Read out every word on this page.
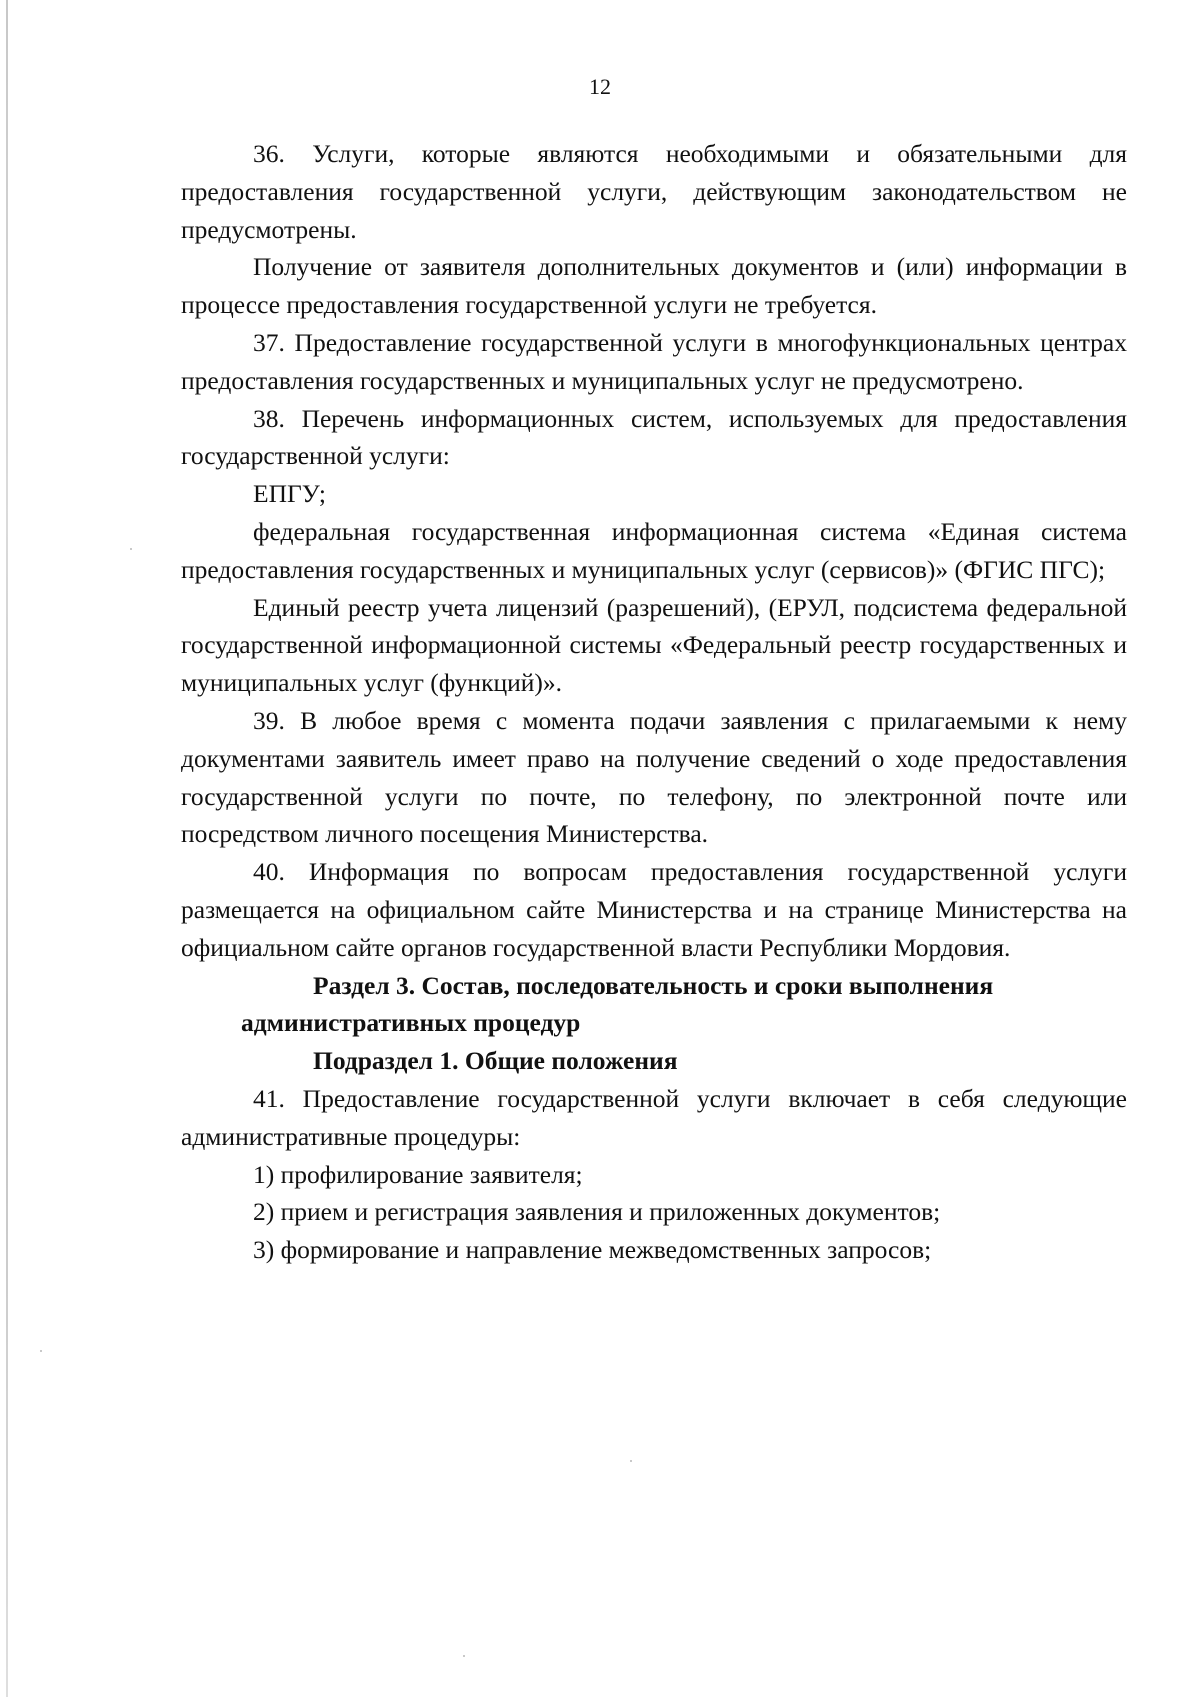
12

36. Услуги, которые являются необходимыми и обязательными для предоставления государственной услуги, действующим законодательством не предусмотрены.

Получение от заявителя дополнительных документов и (или) информации в процессе предоставления государственной услуги не требуется.

37. Предоставление государственной услуги в многофункциональных центрах предоставления государственных и муниципальных услуг не предусмотрено.

38. Перечень информационных систем, используемых для предоставления государственной услуги:

ЕПГУ;

федеральная государственная информационная система «Единая система предоставления государственных и муниципальных услуг (сервисов)» (ФГИС ПГС);

Единый реестр учета лицензий (разрешений), (ЕРУЛ, подсистема федеральной государственной информационной системы «Федеральный реестр государственных и муниципальных услуг (функций)».

39. В любое время с момента подачи заявления с прилагаемыми к нему документами заявитель имеет право на получение сведений о ходе предоставления государственной услуги по почте, по телефону, по электронной почте или посредством личного посещения Министерства.

40. Информация по вопросам предоставления государственной услуги размещается на официальном сайте Министерства и на странице Министерства на официальном сайте органов государственной власти Республики Мордовия.

Раздел 3. Состав, последовательность и сроки выполнения
административных процедур

Подраздел 1. Общие положения

41. Предоставление государственной услуги включает в себя следующие административные процедуры:

1) профилирование заявителя;

2) прием и регистрация заявления и приложенных документов;

3) формирование и направление межведомственных запросов;
